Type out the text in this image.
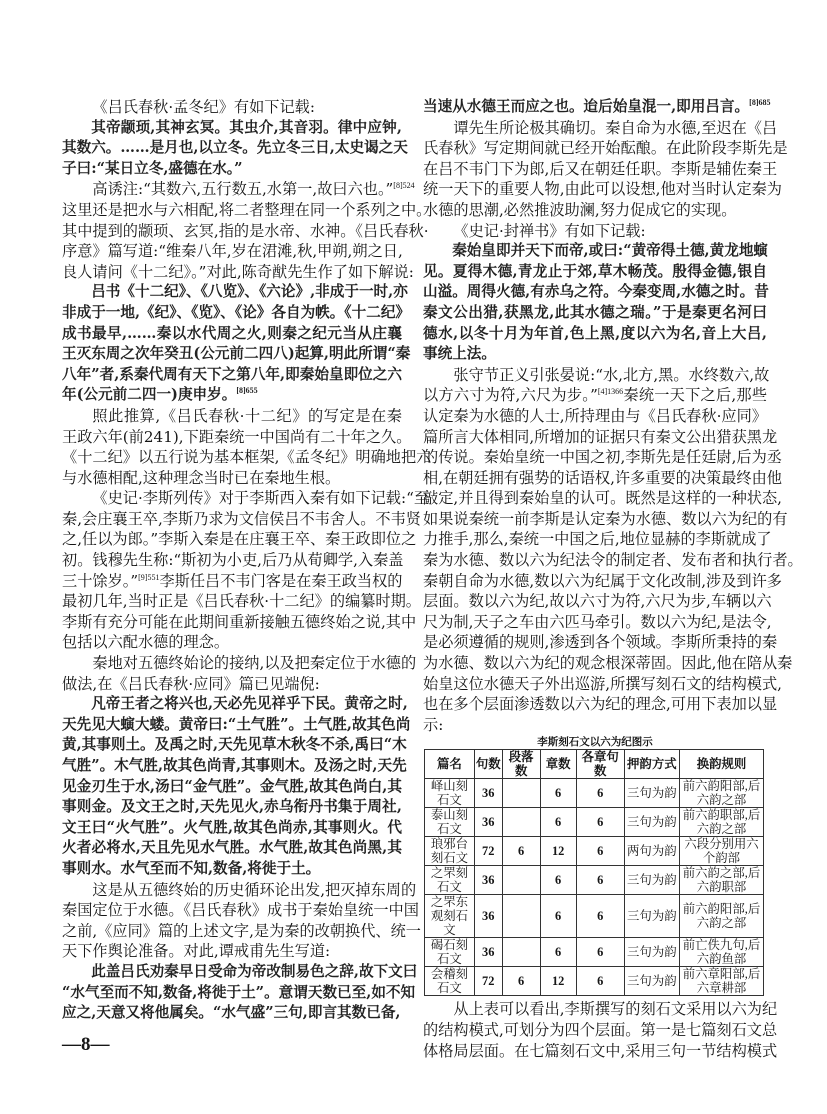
《吕氏春秋·孟冬纪》有如下记载:
其帝颛顼,其神玄冥。其虫介,其音羽。律中应钟,
其数六。……是月也,以立冬。先立冬三日,太史谒之天
子曰:“某日立冬,盛德在水。”
高诱注:“其数六,五行数五,水第一,故曰六也。”$^{[8]524}$
这里还是把水与六相配,将二者整理在同一个系列之中。
其中提到的颛顼、玄冥,指的是水帝、水神。《吕氏春秋·
序意》篇写道:“维秦八年,岁在涒滩,秋,甲朔,朔之日,
良人请问《十二纪》。”对此,陈奇猷先生作了如下解说:
吕书《十二纪》、《八览》、《六论》,非成于一时,亦
非成于一地,《纪》、《览》、《论》各自为帙。《十二纪》
成书最早,……秦以水代周之火,则秦之纪元当从庄襄
王灭东周之次年癸丑(公元前二四八)起算,明此所谓“秦
八年”者,系秦代周有天下之第八年,即秦始皇即位之六
年(公元前二四一)庚申岁。$^{[8]655}$
照此推算,《吕氏春秋·十二纪》的写定是在秦
王政六年(前241),下距秦统一中国尚有二十年之久。
《十二纪》以五行说为基本框架,《孟冬纪》明确地把六
与水德相配,这种理念当时已在秦地生根。
《史记·李斯列传》对于李斯西入秦有如下记载:“至
秦,会庄襄王卒,李斯乃求为文信侯吕不韦舍人。不韦贤
之,任以为郎。”李斯入秦是在庄襄王卒、秦王政即位之
初。钱穆先生称:“斯初为小吏,后乃从荀卿学,入秦盖
三十馀岁。”$^{[9]551}$李斯任吕不韦门客是在秦王政当权的
最初几年,当时正是《吕氏春秋·十二纪》的编纂时期。
李斯有充分可能在此期间重新接触五德终始之说,其中
包括以六配水德的理念。
秦地对五德终始论的接纳,以及把秦定位于水德的
做法,在《吕氏春秋·应同》篇已见端倪:
凡帝王者之将兴也,天必先见祥乎下民。黄帝之时,
天先见大螾大蝼。黄帝曰:“土气胜”。土气胜,故其色尚
黄,其事则土。及禹之时,天先见草木秋冬不杀,禹曰“木
气胜”。木气胜,故其色尚青,其事则木。及汤之时,天先
见金刃生于水,汤曰“金气胜”。金气胜,故其色尚白,其
事则金。及文王之时,天先见火,赤乌衔丹书集于周社,
文王曰“火气胜”。火气胜,故其色尚赤,其事则火。代
火者必将水,天且先见水气胜。水气胜,故其色尚黑,其
事则水。水气至而不知,数备,将徙于土。
这是从五德终始的历史循环论出发,把灭掉东周的
秦国定位于水德。《吕氏春秋》成书于秦始皇统一中国
之前,《应同》篇的上述文字,是为秦的改朝换代、统一
天下作舆论准备。对此,谭戒甫先生写道:
此盖吕氏劝秦早日受命为帝改制易色之辞,故下文曰
“水气至而不知,数备,将徙于土”。意谓天数已至,如不知
应之,天意又将他属矣。“水气盛”三句,即言其数已备,
当速从水德王而应之也。迨后始皇混一,即用吕言。$^{[8]685}$
谭先生所论极其确切。秦自命为水德,至迟在《吕
氏春秋》写定期间就已经开始酝酿。在此阶段李斯先是
在吕不韦门下为郎,后又在朝廷任职。李斯是辅佐秦王
统一天下的重要人物,由此可以设想,他对当时认定秦为
水德的思潮,必然推波助澜,努力促成它的实现。
《史记·封禅书》有如下记载:
秦始皇即并天下而帝,或曰:“黄帝得土德,黄龙地螾
见。夏得木德,青龙止于郊,草木畅茂。殷得金德,银自
山溢。周得火德,有赤乌之符。今秦变周,水德之时。昔
秦文公出猎,获黑龙,此其水德之瑞。”于是秦更名河曰
德水,以冬十月为年首,色上黑,度以六为名,音上大吕,
事统上法。
张守节正义引张晏说:“水,北方,黑。水终数六,故
以方六寸为符,六尺为步。”$^{[4]1366}$秦统一天下之后,那些
认定秦为水德的人士,所持理由与《吕氏春秋·应同》
篇所言大体相同,所增加的证据只有秦文公出猎获黑龙
的传说。秦始皇统一中国之初,李斯先是任廷尉,后为丞
相,在朝廷拥有强势的话语权,许多重要的决策最终由他
敲定,并且得到秦始皇的认可。既然是这样的一种状态,
如果说秦统一前李斯是认定秦为水德、数以六为纪的有
力推手,那么,秦统一中国之后,地位显赫的李斯就成了
秦为水德、数以六为纪法令的制定者、发布者和执行者。
秦朝自命为水德,数以六为纪属于文化改制,涉及到许多
层面。数以六为纪,故以六寸为符,六尺为步,车辆以六
尺为制,天子之车由六匹马牵引。数以六为纪,是法令,
是必须遵循的规则,渗透到各个领域。李斯所秉持的秦
为水德、数以六为纪的观念根深蒂固。因此,他在陪从秦
始皇这位水德天子外出巡游,所撰写刻石文的结构模式,
也在多个层面渗透数以六为纪的理念,可用下表加以显
示:
李斯刻石文以六为纪图示
篇名	句数	段落数	章数	各章句数	押韵方式	换韵规则
峄山刻石文	36		6	6	三句为韵	前六韵阳部,后六韵之部
泰山刻石文	36		6	6	三句为韵	前六韵职部,后六韵之部
琅邪台刻石文	72	6	12	6	两句为韵	六段分别用六个韵部
之罘刻石文	36		6	6	三句为韵	前六韵之部,后六韵职部
之罘东观刻石文	36		6	6	三句为韵	前六韵阳部,后六韵之部
碣石刻石文	36		6	6	三句为韵	前亡佚九句,后六韵鱼部
会稽刻石文	72	6	12	6	三句为韵	前六章阳部,后六章耕部
从上表可以看出,李斯撰写的刻石文采用以六为纪
的结构模式,可划分为四个层面。第一是七篇刻石文总
体格局层面。在七篇刻石文中,采用三句一节结构模式
—8—
